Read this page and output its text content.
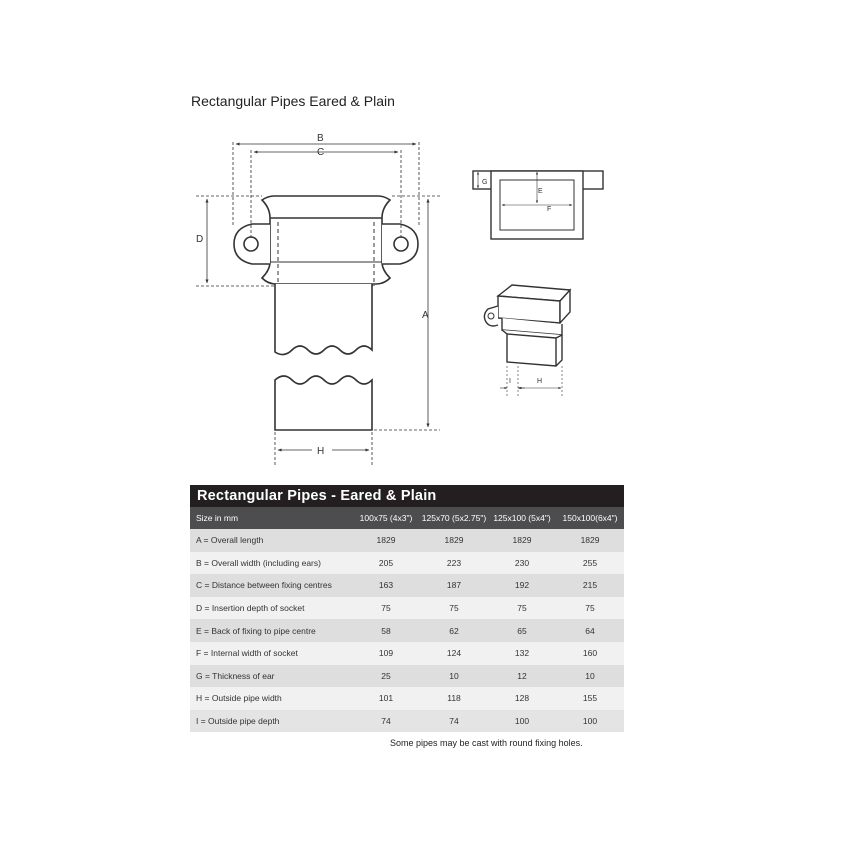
Rectangular Pipes Eared & Plain
B
C
D
A
H
G
E
F
I	H
Rectangular Pipes - Eared & Plain				
Size in mm	100x75 (4x3")	125x70 (5x2.75")	125x100 (5x4")	150x100(6x4")
A = Overall length	1829	1829	1829	1829
B = Overall width (including ears)	205	223	230	255
C = Distance between fixing centres	163	187	192	215
D = Insertion depth of socket	75	75	75	75
E = Back of fixing to pipe centre	58	62	65	64
F = Internal width of socket	109	124	132	160
G = Thickness of ear	25	10	12	10
H = Outside pipe width	101	118	128	155
I = Outside pipe depth	74	74	100	100
Some pipes may be cast with round fixing holes.
